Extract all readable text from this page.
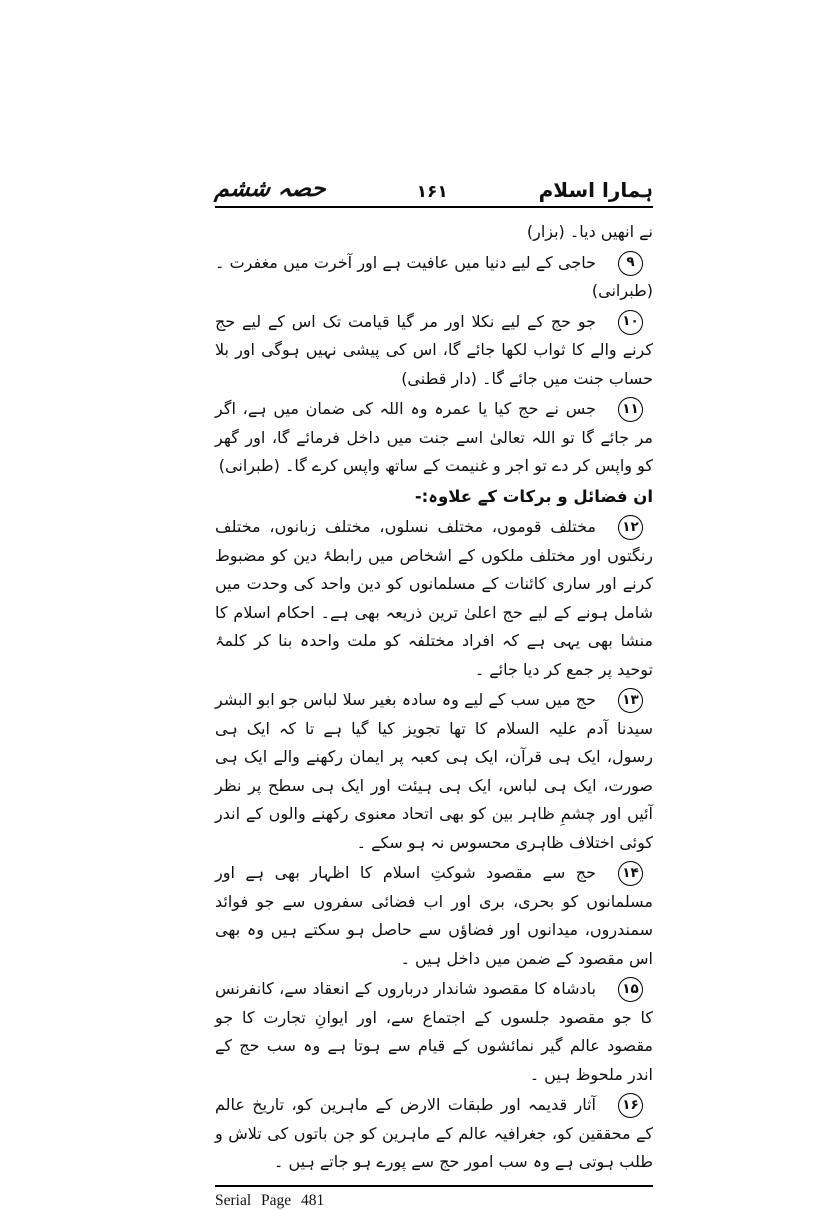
حصہ ششم	۱۶۱	ہمارا اسلام

نے انھیں دیا۔ (بزار)

۹حاجی کے لیے دنیا میں عافیت ہے اور آخرت میں مغفرت ۔ (طبرانی)
۱۰جو حج کے لیے نکلا اور مر گیا قیامت تک اس کے لیے حج کرنے والے کا ثواب لکھا جائے گا، اس کی پیشی نہیں ہوگی اور بلا حساب جنت میں جائے گا۔ (دار قطنی)
۱۱جس نے حج کیا یا عمرہ وہ اللہ کی ضمان میں ہے، اگر مر جائے گا تو اللہ تعالیٰ اسے جنت میں داخل فرمائے گا، اور گھر کو واپس کر دے تو اجر و غنیمت کے ساتھ واپس کرے گا۔ (طبرانی)

ان فضائل و برکات کے علاوہ:-

۱۲مختلف قوموں، مختلف نسلوں، مختلف زبانوں، مختلف رنگتوں اور مختلف ملکوں کے اشخاص میں رابطۂ دین کو مضبوط کرنے اور ساری کائنات کے مسلمانوں کو دین واحد کی وحدت میں شامل ہونے کے لیے حج اعلیٰ ترین ذریعہ بھی ہے۔ احکام اسلام کا منشا بھی یہی ہے کہ افراد مختلفہ کو ملت واحدہ بنا کر کلمۂ توحید پر جمع کر دیا جائے ۔
۱۳حج میں سب کے لیے وہ سادہ بغیر سلا لباس جو ابو البشر سیدنا آدم علیہ السلام کا تھا تجویز کیا گیا ہے تا کہ ایک ہی رسول، ایک ہی قرآن، ایک ہی کعبہ پر ایمان رکھنے والے ایک ہی صورت، ایک ہی لباس، ایک ہی ہیئت اور ایک ہی سطح پر نظر آئیں اور چشمِ ظاہر بین کو بھی اتحاد معنوی رکھنے والوں کے اندر کوئی اختلاف ظاہری محسوس نہ ہو سکے ۔
۱۴حج سے مقصود شوکتِ اسلام کا اظہار بھی ہے اور مسلمانوں کو بحری، بری اور اب فضائی سفروں سے جو فوائد سمندروں، میدانوں اور فضاؤں سے حاصل ہو سکتے ہیں وہ بھی اس مقصود کے ضمن میں داخل ہیں ۔
۱۵بادشاہ کا مقصود شاندار درباروں کے انعقاد سے، کانفرنس کا جو مقصود جلسوں کے اجتماع سے، اور ایوانِ تجارت کا جو مقصود عالم گیر نمائشوں کے قیام سے ہوتا ہے وہ سب حج کے اندر ملحوظ ہیں ۔
۱۶آثار قدیمہ اور طبقات الارض کے ماہرین کو، تاریخ عالم کے محققین کو، جغرافیہ عالم کے ماہرین کو جن باتوں کی تلاش و طلب ہوتی ہے وہ سب امور حج سے پورے ہو جاتے ہیں ۔
Serial Page 481
